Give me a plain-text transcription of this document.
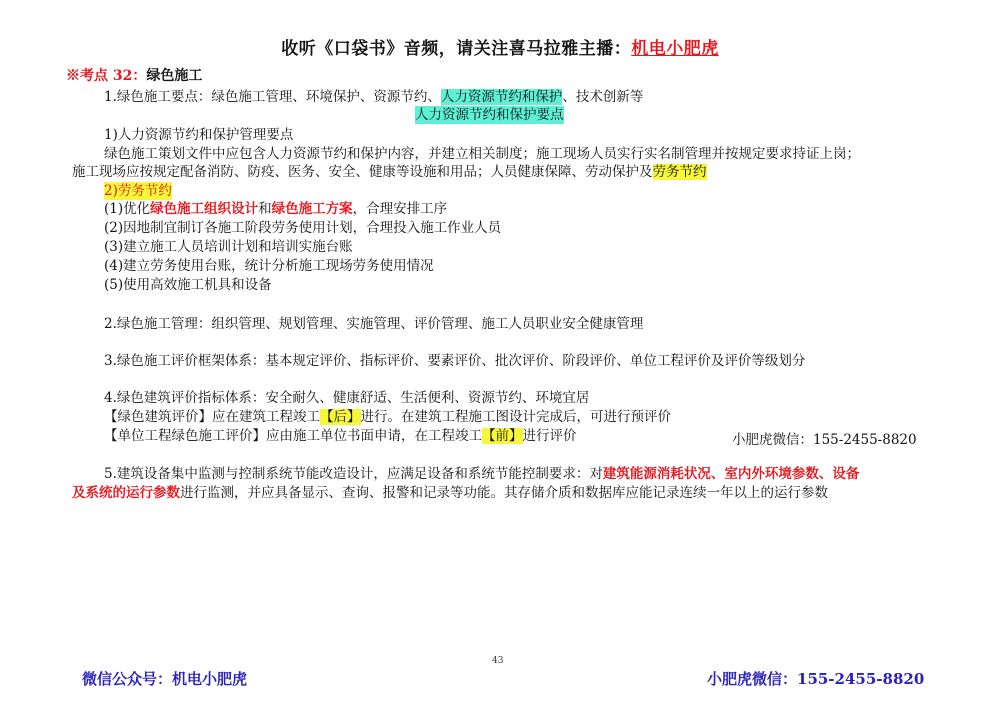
收听《口袋书》音频，请关注喜马拉雅主播：机电小肥虎
※考点 32：绿色施工
1.绿色施工要点：绿色施工管理、环境保护、资源节约、人力资源节约和保护、技术创新等
人力资源节约和保护要点
1)人力资源节约和保护管理要点
绿色施工策划文件中应包含人力资源节约和保护内容，并建立相关制度；施工现场人员实行实名制管理并按规定要求持证上岗；
施工现场应按规定配备消防、防疫、医务、安全、健康等设施和用品；人员健康保障、劳动保护及劳务节约
2)劳务节约
(1)优化绿色施工组织设计和绿色施工方案，合理安排工序
(2)因地制宜制订各施工阶段劳务使用计划，合理投入施工作业人员
(3)建立施工人员培训计划和培训实施台账
(4)建立劳务使用台账，统计分析施工现场劳务使用情况
(5)使用高效施工机具和设备
2.绿色施工管理：组织管理、规划管理、实施管理、评价管理、施工人员职业安全健康管理
3.绿色施工评价框架体系：基本规定评价、指标评价、要素评价、批次评价、阶段评价、单位工程评价及评价等级划分
4.绿色建筑评价指标体系：安全耐久、健康舒适、生活便利、资源节约、环境宜居
【绿色建筑评价】应在建筑工程竣工【后】进行。在建筑工程施工图设计完成后，可进行预评价
【单位工程绿色施工评价】应由施工单位书面申请，在工程竣工【前】进行评价	小肥虎微信：155-2455-8820
5.建筑设备集中监测与控制系统节能改造设计，应满足设备和系统节能控制要求：对建筑能源消耗状况、室内外环境参数、设备
及系统的运行参数进行监测，并应具备显示、查询、报警和记录等功能。其存储介质和数据库应能记录连续一年以上的运行参数
43
微信公众号：机电小肥虎	小肥虎微信：155-2455-8820
